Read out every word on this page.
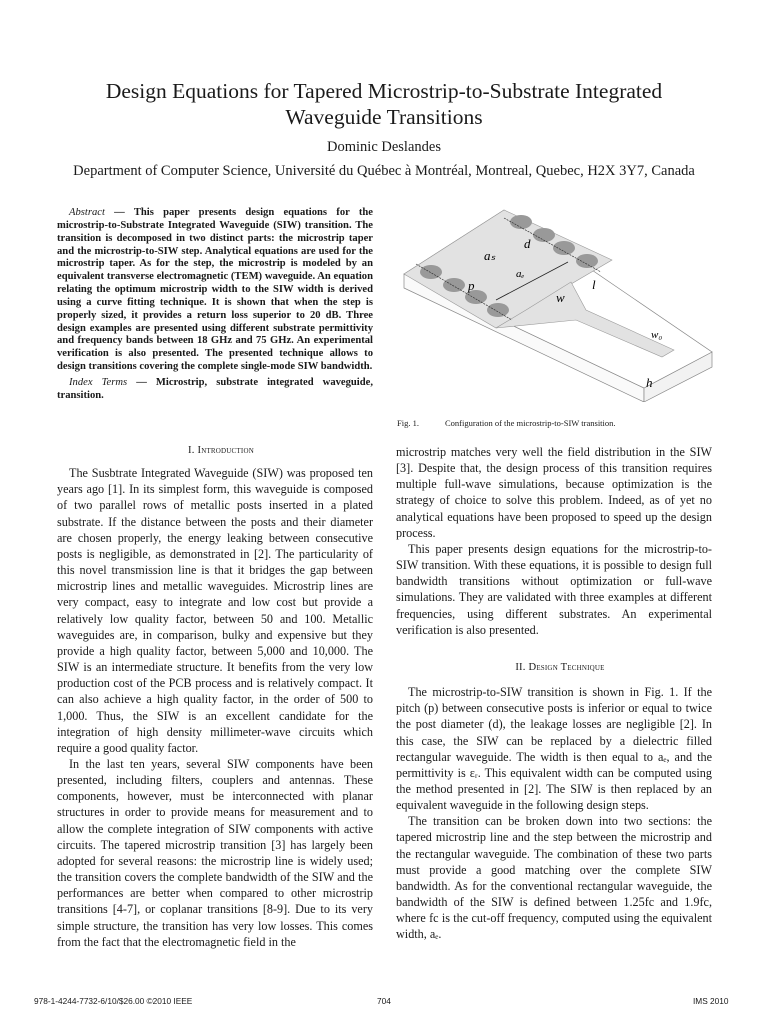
Design Equations for Tapered Microstrip-to-Substrate Integrated
Waveguide Transitions
Dominic Deslandes
Department of Computer Science, Université du Québec à Montréal, Montreal, Quebec, H2X 3Y7, Canada

Abstract — This paper presents design equations for the microstrip-to-Substrate Integrated Waveguide (SIW) transition. The transition is decomposed in two distinct parts: the microstrip taper and the microstrip-to-SIW step. Analytical equations are used for the microstrip taper. As for the step, the microstrip is modeled by an equivalent transverse electromagnetic (TEM) waveguide. An equation relating the optimum microstrip width to the SIW width is derived using a curve fitting technique. It is shown that when the step is properly sized, it provides a return loss superior to 20 dB. Three design examples are presented using different substrate permittivity and frequency bands between 18 GHz and 75 GHz. An experimental verification is also presented. The presented technique allows to design transitions covering the complete single-mode SIW bandwidth.

Index Terms — Microstrip, substrate integrated waveguide, transition.

aₛ
d
aₑ
p	l
w
w₀
h
Fig. 1.	Configuration of the microstrip-to-SIW transition.

I. Introduction

The Susbtrate Integrated Waveguide (SIW) was proposed ten years ago [1]. In its simplest form, this waveguide is composed of two parallel rows of metallic posts inserted in a plated substrate. If the distance between the posts and their diameter are chosen properly, the energy leaking between consecutive posts is negligible, as demonstrated in [2]. The particularity of this novel transmission line is that it bridges the gap between microstrip lines and metallic waveguides. Microstrip lines are very compact, easy to integrate and low cost but provide a relatively low quality factor, between 50 and 100. Metallic waveguides are, in comparison, bulky and expensive but they provide a high quality factor, between 5,000 and 10,000. The SIW is an intermediate structure. It benefits from the very low production cost of the PCB process and is relatively compact. It can also achieve a high quality factor, in the order of 500 to 1,000. Thus, the SIW is an excellent candidate for the integration of high density millimeter-wave circuits which require a good quality factor.

In the last ten years, several SIW components have been presented, including filters, couplers and antennas. These components, however, must be interconnected with planar structures in order to provide means for measurement and to allow the complete integration of SIW components with active circuits. The tapered microstrip transition [3] has largely been adopted for several reasons: the microstrip line is widely used; the transition covers the complete bandwidth of the SIW and the performances are better when compared to other microstrip transitions [4-7], or coplanar transitions [8-9]. Due to its very simple structure, the transition has very low losses. This comes from the fact that the electromagnetic field in the

microstrip matches very well the field distribution in the SIW [3]. Despite that, the design process of this transition requires multiple full-wave simulations, because optimization is the strategy of choice to solve this problem. Indeed, as of yet no analytical equations have been proposed to speed up the design process.

This paper presents design equations for the microstrip-to-SIW transition. With these equations, it is possible to design full bandwidth transitions without optimization or full-wave simulations. They are validated with three examples at different frequencies, using different substrates. An experimental verification is also presented.

II. Design Technique

The microstrip-to-SIW transition is shown in Fig. 1. If the pitch (p) between consecutive posts is inferior or equal to twice the post diameter (d), the leakage losses are negligible [2]. In this case, the SIW can be replaced by a dielectric filled rectangular waveguide. The width is then equal to aₑ, and the permittivity is εᵣ. This equivalent width can be computed using the method presented in [2]. The SIW is then replaced by an equivalent waveguide in the following design steps.

The transition can be broken down into two sections: the tapered microstrip line and the step between the microstrip and the rectangular waveguide. The combination of these two parts must provide a good matching over the complete SIW bandwidth. As for the conventional rectangular waveguide, the bandwidth of the SIW is defined between 1.25fc and 1.9fc, where fc is the cut-off frequency, computed using the equivalent width, aₑ.

978-1-4244-7732-6/10/$26.00 ©2010 IEEE	704	IMS 2010
